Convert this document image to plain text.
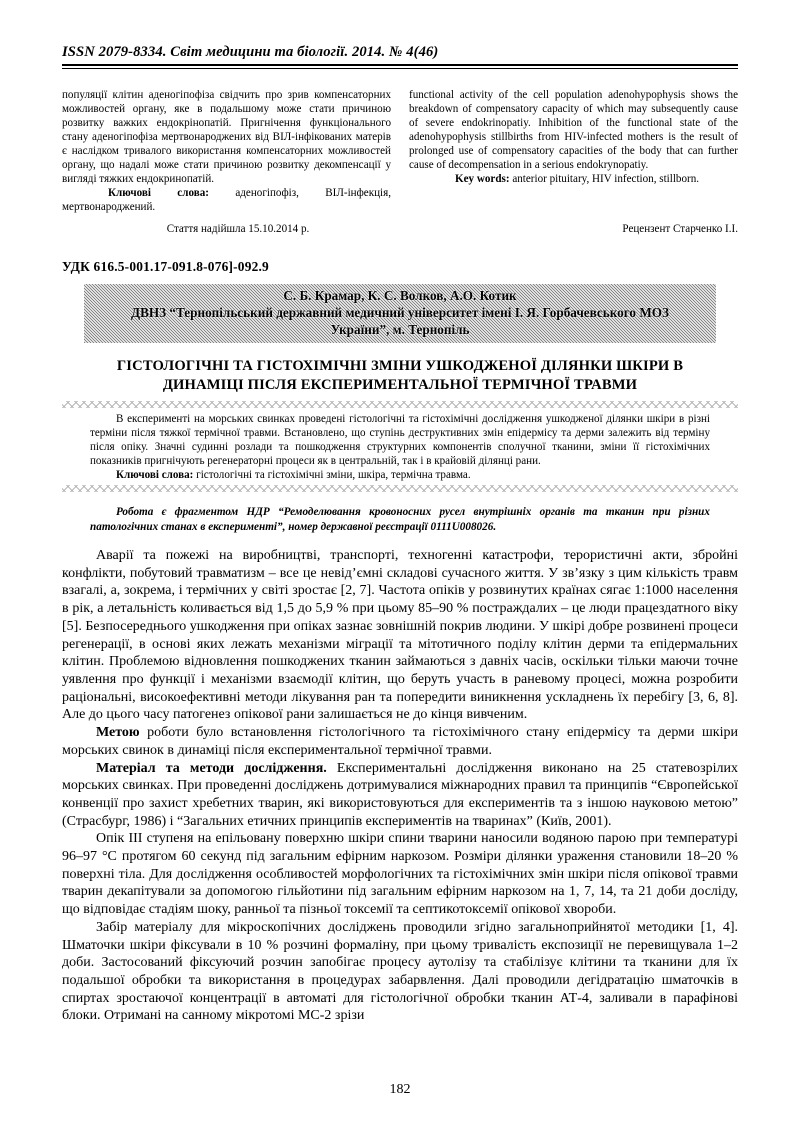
ISSN 2079-8334. Світ медицини та біології. 2014. № 4(46)

популяції клітин аденогіпофіза свідчить про зрив компенсаторних можливостей органу, яке в подальшому може стати причиною розвитку важких ендокрінопатій. Пригнічення функціонального стану аденогіпофіза мертвонароджених від ВІЛ-інфікованих матерів є наслідком тривалого використання компенсаторних можливостей органу, що надалі може стати причиною розвитку декомпенсації у вигляді тяжких ендокринопатій.

Ключові слова: аденогіпофіз, ВІЛ-інфекція, мертвонароджений.

functional activity of the cell population adenohypophysis shows the breakdown of compensatory capacity of which may subsequently cause of severe endokrinopatiy. Inhibition of the functional state of the adenohypophysis stillbirths from HIV-infected mothers is the result of prolonged use of compensatory capacities of the body that can further cause of decompensation in a serious endokrynopatiy.

Key words: anterior pituitary, HIV infection, stillborn.

Стаття надійшла 15.10.2014 р.	Рецензент Старченко І.І.
УДК 616.5-001.17-091.8-076]-092.9
С. Б. Крамар, К. С. Волков, А.О. Котик
ДВНЗ “Тернопільський державний медичний університет імені І. Я. Горбачевського МОЗ
України”, м. Тернопіль
ГІСТОЛОГІЧНІ ТА ГІСТОХІМІЧНІ ЗМІНИ УШКОДЖЕНОЇ ДІЛЯНКИ ШКІРИ В
ДИНАМІЦІ ПІСЛЯ ЕКСПЕРИМЕНТАЛЬНОЇ ТЕРМІЧНОЇ ТРАВМИ

В експерименті на морських свинках проведені гістологічні та гістохімічні дослідження ушкодженої ділянки шкіри в різні терміни після тяжкої термічної травми. Встановлено, що ступінь деструктивних змін епідермісу та дерми залежить від терміну після опіку. Значні судинні розлади та пошкодження структурних компонентів сполучної тканини, зміни її гістохімічних показників пригнічують регенераторні процеси як в центральній, так і в крайовій ділянці рани.

Ключові слова: гістологічні та гістохімічні зміни, шкіра, термічна травма.

Робота є фрагментом НДР “Ремоделювання кровоносних русел внутрішніх органів та тканин при різних патологічних станах в експерименті”, номер державної реєстрації 0111U008026.

Аварії та пожежі на виробництві, транспорті, техногенні катастрофи, терористичні акти, збройні конфлікти, побутовий травматизм – все це невід’ємні складові сучасного життя. У зв’язку з цим кількість травм взагалі, а, зокрема, і термічних у світі зростає [2, 7]. Частота опіків у розвинутих країнах сягає 1:1000 населення в рік, а летальність коливається від 1,5 до 5,9 % при цьому 85–90 % постраждалих – це люди працездатного віку [5]. Безпосереднього ушкодження при опіках зазнає зовнішній покрив людини. У шкірі добре розвинені процеси регенерації, в основі яких лежать механізми міграції та мітотичного поділу клітин дерми та епідермальних клітин. Проблемою відновлення пошкоджених тканин займаються з давніх часів, оскільки тільки маючи точне уявлення про функції і механізми взаємодії клітин, що беруть участь в раневому процесі, можна розробити раціональні, високоефективні методи лікування ран та попередити виникнення ускладнень їх перебігу [3, 6, 8]. Але до цього часу патогенез опікової рани залишається не до кінця вивченим.

Метою роботи було встановлення гістологічного та гістохімічного стану епідермісу та дерми шкіри морських свинок в динаміці після експериментальної термічної травми.

Матеріал та методи дослідження. Експериментальні дослідження виконано на 25 статевозрілих морських свинках. При проведенні досліджень дотримувалися міжнародних правил та принципів “Європейської конвенції про захист хребетних тварин, які використовуються для експериментів та з іншою науковою метою” (Страсбург, 1986) і “Загальних етичних принципів експериментів на тваринах” (Київ, 2001).

Опік III ступеня на епільовану поверхню шкіри спини тварини наносили водяною парою при температурі 96–97 °С протягом 60 секунд під загальним ефірним наркозом. Розміри ділянки ураження становили 18–20 % поверхні тіла. Для дослідження особливостей морфологічних та гістохімічних змін шкіри після опікової травми тварин декапітували за допомогою гільйотини під загальним ефірним наркозом на 1, 7, 14, та 21 доби досліду, що відповідає стадіям шоку, ранньої та пізньої токсемії та септикотоксемії опікової хвороби.

Забір матеріалу для мікроскопічних досліджень проводили згідно загальноприйнятої методики [1, 4]. Шматочки шкіри фіксували в 10 % розчині формаліну, при цьому тривалість експозиції не перевищувала 1–2 доби. Застосований фіксуючий розчин запобігає процесу аутолізу та стабілізує клітини та тканини для їх подальшої обробки та використання в процедурах забарвлення. Далі проводили дегідратацію шматочків в спиртах зростаючої концентрації в автоматі для гістологічної обробки тканин АТ-4, заливали в парафінові блоки. Отримані на санному мікротомі МС-2 зрізи

182
